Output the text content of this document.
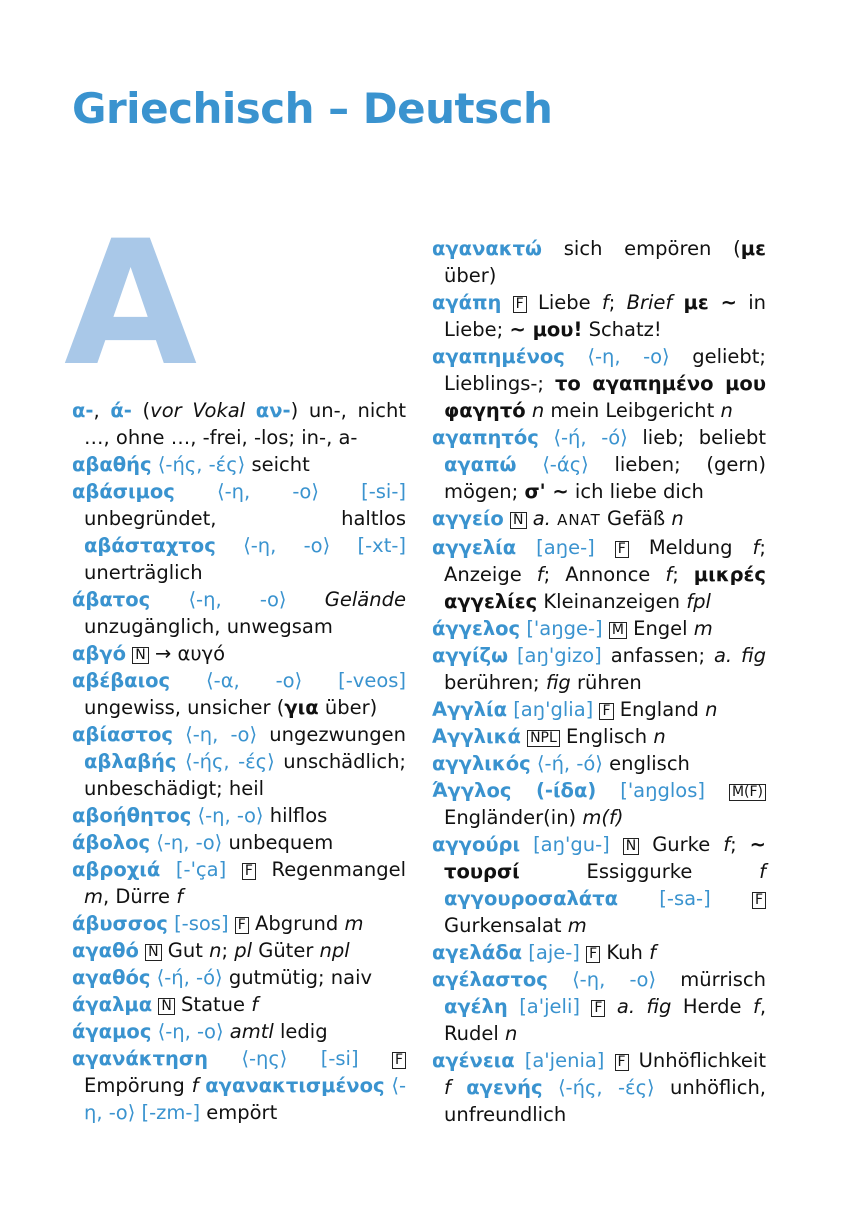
Griechisch – Deutsch
A
α-, ά- (vor Vokal αν-) un-, nicht …, ohne …, -frei, -los; in-, a-
αβαθής ⟨-ής, -ές⟩ seicht
αβάσιμος ⟨-η, -ο⟩ [-si-] unbegründet, haltlos αβάσταχτος ⟨-η, -ο⟩ [-xt-] unerträglich
άβατος ⟨-η, -ο⟩ Gelände unzugänglich, unwegsam
αβγό N → αυγό
αβέβαιος ⟨-α, -ο⟩ [-veos] ungewiss, unsicher (για über)
αβίαστος ⟨-η, -ο⟩ ungezwungen αβλαβής ⟨-ής, -ές⟩ unschädlich; unbeschädigt; heil
αβοήθητος ⟨-η, -ο⟩ hilflos
άβολος ⟨-η, -ο⟩ unbequem
αβροχιά [-'ça] F Regenmangel m, Dürre f
άβυσσος [-sos] F Abgrund m
αγαθό N Gut n; pl Güter npl
αγαθός ⟨-ή, -ό⟩ gutmütig; naiv
άγαλμα N Statue f
άγαμος ⟨-η, -ο⟩ amtl ledig
αγανάκτηση ⟨-ης⟩ [-si]	F Empörung f αγανακτισμένος ⟨-η, -ο⟩ [-zm-] empört
αγανακτώ sich empören (με über)
αγάπη F Liebe f; Brief με ~ in Liebe; ~ μου! Schatz!
αγαπημένος ⟨-η, -ο⟩ geliebt; Lieblings-; το αγαπημένο μου φαγητό n mein Leibgericht n
αγαπητός ⟨-ή, -ό⟩ lieb; beliebt αγαπώ ⟨-άς⟩ lieben; (gern) mögen; σ' ~ ich liebe dich
αγγείο N a. ANAT Gefäß n
αγγελία [aŋe-] F Meldung f; Anzeige f; Annonce f; μικρές αγγελίες Kleinanzeigen fpl
άγγελος ['aŋge-] M Engel m
αγγίζω [aŋ'gizo] anfassen; a. fig berühren; fig rühren
Αγγλία [aŋ'glia] F England n
Αγγλικά NPL Englisch n
αγγλικός ⟨-ή, -ό⟩ englisch
Άγγλος (-ίδα) ['aŋglos] M(F) Engländer(in) m(f)
αγγούρι [aŋ'gu-] N Gurke f; ~ τουρσί Essiggurke f αγγουροσαλάτα [-sa-]	F Gurkensalat m
αγελάδα [aje-] F Kuh f
αγέλαστος ⟨-η, -ο⟩ mürrisch αγέλη [a'jeli] F a. fig Herde f, Rudel n
αγένεια [a'jenia] F Unhöflichkeit f αγενής ⟨-ής, -ές⟩ unhöflich, unfreundlich
